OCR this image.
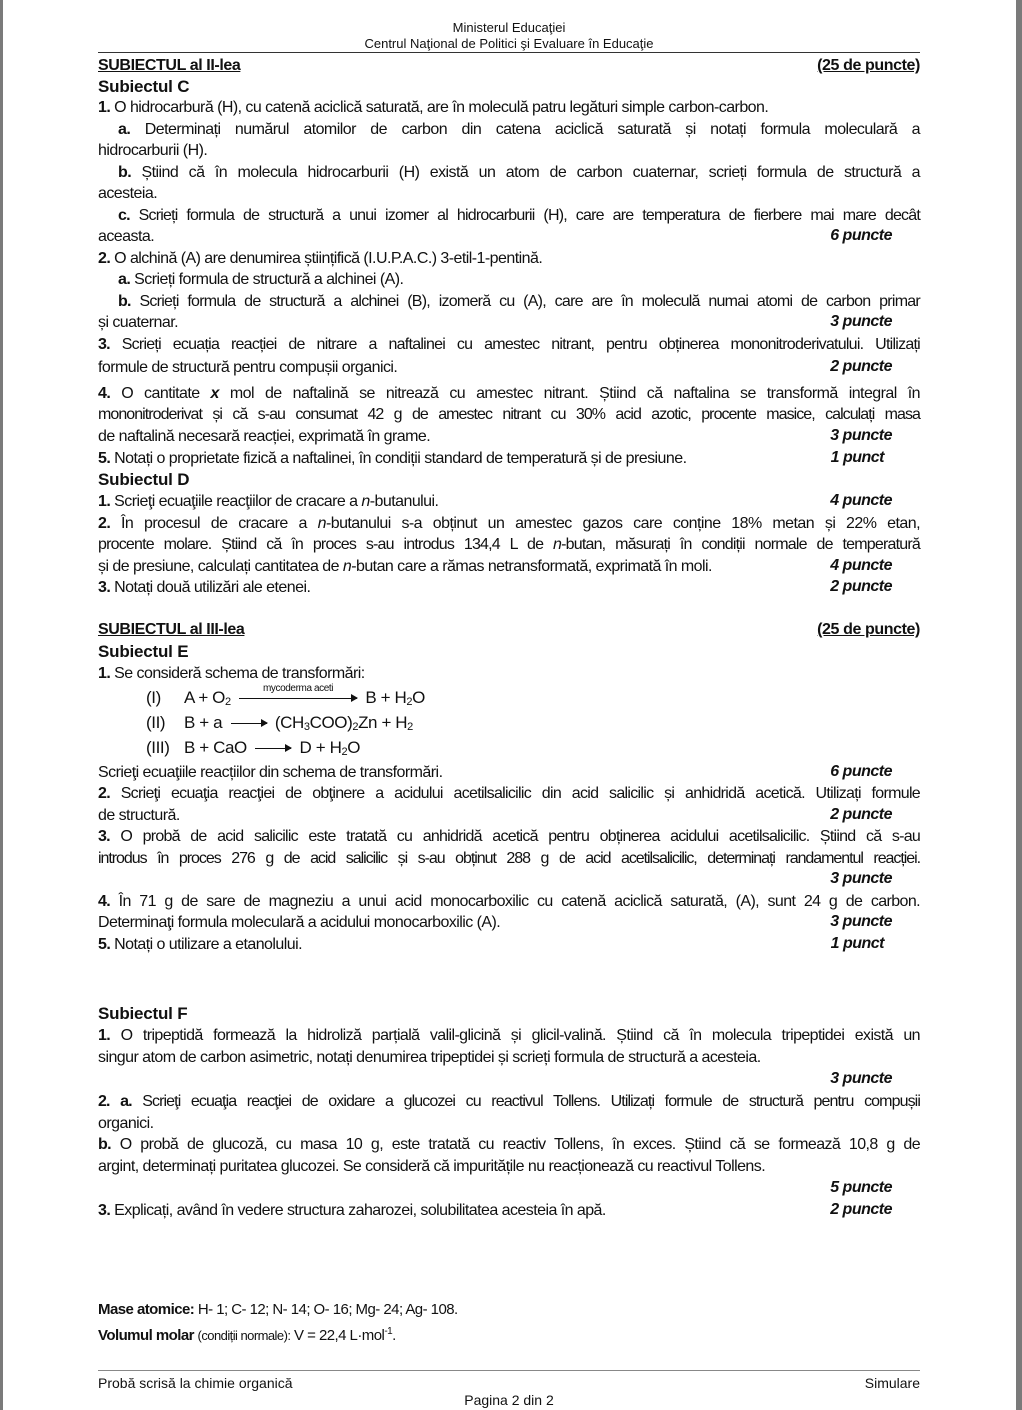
Ministerul Educaţiei
Centrul Naţional de Politici şi Evaluare în Educaţie
SUBIECTUL al II-lea	(25 de puncte)
Subiectul C
1. O hidrocarbură (H), cu catenă aciclică saturată, are în moleculă patru legături simple carbon-carbon.
a. Determinați numărul atomilor de carbon din catena aciclică saturată și notați formula moleculară a
hidrocarburii (H).
b. Știind că în molecula hidrocarburii (H) există un atom de carbon cuaternar, scrieți formula de structură a
acesteia.
c. Scrieți formula de structură a unui izomer al hidrocarburii (H), care are temperatura de fierbere mai mare decât
aceasta.	6 puncte
2. O alchină (A) are denumirea științifică (I.U.P.A.C.) 3-etil-1-pentină.
a. Scrieți formula de structură a alchinei (A).
b. Scrieți formula de structură a alchinei (B), izomeră cu (A), care are în moleculă numai atomi de carbon primar
și cuaternar.	3 puncte
3. Scrieți ecuația reacției de nitrare a naftalinei cu amestec nitrant, pentru obținerea mononitroderivatului. Utilizați
formule de structură pentru compușii organici.	2 puncte
4. O cantitate x mol de naftalină se nitrează cu amestec nitrant. Știind că naftalina se transformă integral în
mononitroderivat și că s-au consumat 42 g de amestec nitrant cu 30% acid azotic, procente masice, calculați masa
de naftalină necesară reacției, exprimată în grame.	3 puncte
5. Notați o proprietate fizică a naftalinei, în condiții standard de temperatură și de presiune.	1 punct
Subiectul D
1. Scrieţi ecuaţiile reacţiilor de cracare a n-butanului.	4 puncte
2. În procesul de cracare a n-butanului s-a obținut un amestec gazos care conține 18% metan și 22% etan,
procente molare. Știind că în proces s-au introdus 134,4 L de n-butan, măsurați în condiții normale de temperatură
și de presiune, calculați cantitatea de n-butan care a rămas netransformată, exprimată în moli.	4 puncte
3. Notați două utilizări ale etenei.	2 puncte
SUBIECTUL al III-lea	(25 de puncte)
Subiectul E
1. Se consideră schema de transformări:
(I) $A + O_2$
mycoderma aceti	$B + H_2O$
(II) $B + a \to (CH_3COO)_2Zn + H_2$
(III) B + CaO → $D + H_2O$
Scrieţi ecuaţiile reacțiilor din schema de transformări.	6 puncte
2. Scrieţi ecuaţia reacţiei de obţinere a acidului acetilsalicilic din acid salicilic și anhidridă acetică. Utilizați formule
de structură.	2 puncte
3. O probă de acid salicilic este tratată cu anhidridă acetică pentru obținerea acidului acetilsalicilic. Știind că s-au
introdus în proces 276 g de acid salicilic și s-au obținut 288 g de acid acetilsalicilic, determinați randamentul reacției.
3 puncte
4. În 71 g de sare de magneziu a unui acid monocarboxilic cu catenă aciclică saturată, (A), sunt 24 g de carbon.
Determinaţi formula moleculară a acidului monocarboxilic (A).	3 puncte
5. Notați o utilizare a etanolului.	1 punct
Subiectul F
1. O tripeptidă formează la hidroliză parțială valil-glicină și glicil-valină. Știind că în molecula tripeptidei există un
singur atom de carbon asimetric, notați denumirea tripeptidei și scrieți formula de structură a acesteia.
3 puncte
2. a. Scrieţi ecuaţia reacţiei de oxidare a glucozei cu reactivul Tollens. Utilizați formule de structură pentru compușii
organici.
b. O probă de glucoză, cu masa 10 g, este tratată cu reactiv Tollens, în exces. Știind că se formează 10,8 g de
argint, determinați puritatea glucozei. Se consideră că impuritățile nu reacționează cu reactivul Tollens.
5 puncte
3. Explicați, având în vedere structura zaharozei, solubilitatea acesteia în apă.	2 puncte
Mase atomice: H- 1; C- 12; N- 14; O- 16; Mg- 24; Ag- 108.
Volumul molar (condiții normale): V = 22,4 L·mol$^{-1}$.
Probă scrisă la chimie organică	Simulare
Pagina 2 din 2
